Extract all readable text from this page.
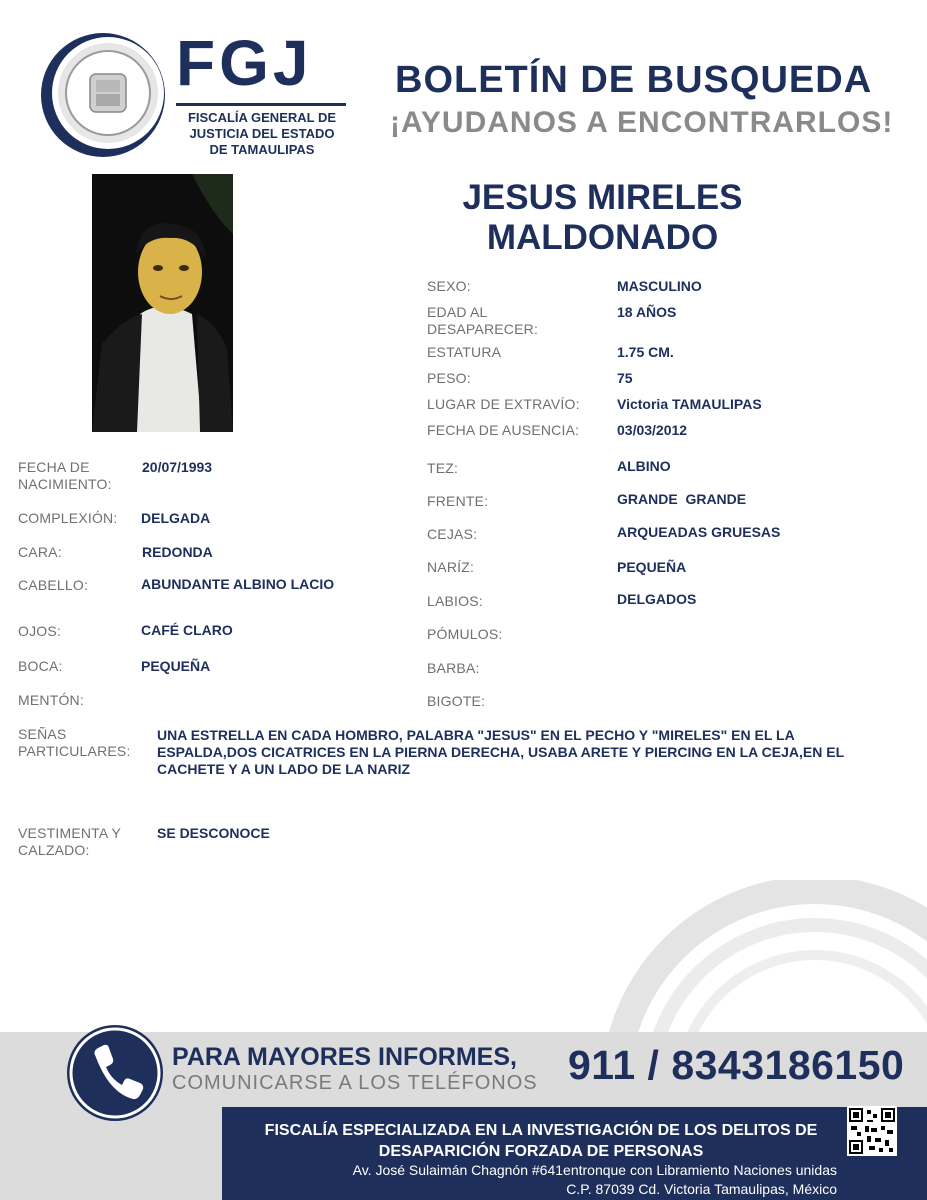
FGJ
FISCALÍA GENERAL DE
JUSTICIA DEL ESTADO
DE TAMAULIPAS
BOLETÍN DE BUSQUEDA
¡AYUDANOS A ENCONTRARLOS!
JESUS MIRELES
MALDONADO
SEXO:	MASCULINO
EDAD AL
DESAPARECER:
18 AÑOS
ESTATURA	1.75 CM.
PESO:	75
LUGAR DE EXTRAVÍO:	Victoria TAMAULIPAS
FECHA DE AUSENCIA:	03/03/2012
FECHA DE
NACIMIENTO:
20/07/1993
COMPLEXIÓN: DELGADA
CARA:	REDONDA
CABELLO:	ABUNDANTE ALBINO LACIO
OJOS:	CAFÉ CLARO
BOCA:	PEQUEÑA
MENTÓN:
TEZ:	ALBINO
FRENTE:	GRANDE  GRANDE
CEJAS:	ARQUEADAS GRUESAS
NARÍZ:	PEQUEÑA
LABIOS:	DELGADOS
PÓMULOS:
BARBA:
BIGOTE:
SEÑAS
PARTICULARES:
UNA ESTRELLA EN CADA HOMBRO, PALABRA "JESUS" EN EL PECHO Y "MIRELES" EN EL LA ESPALDA,DOS CICATRICES EN LA PIERNA DERECHA, USABA ARETE Y PIERCING EN LA CEJA,EN EL CACHETE Y A UN LADO DE LA NARIZ
VESTIMENTA Y
CALZADO:
SE DESCONOCE
PARA MAYORES INFORMES,
COMUNICARSE A LOS TELÉFONOS 911 / 8343186150
FISCALÍA ESPECIALIZADA EN LA INVESTIGACIÓN DE LOS DELITOS DE
DESAPARICIÓN FORZADA DE PERSONAS
Av. José Sulaimán Chagnón #641entronque con Libramiento Naciones unidas
C.P. 87039 Cd. Victoria Tamaulipas, México
